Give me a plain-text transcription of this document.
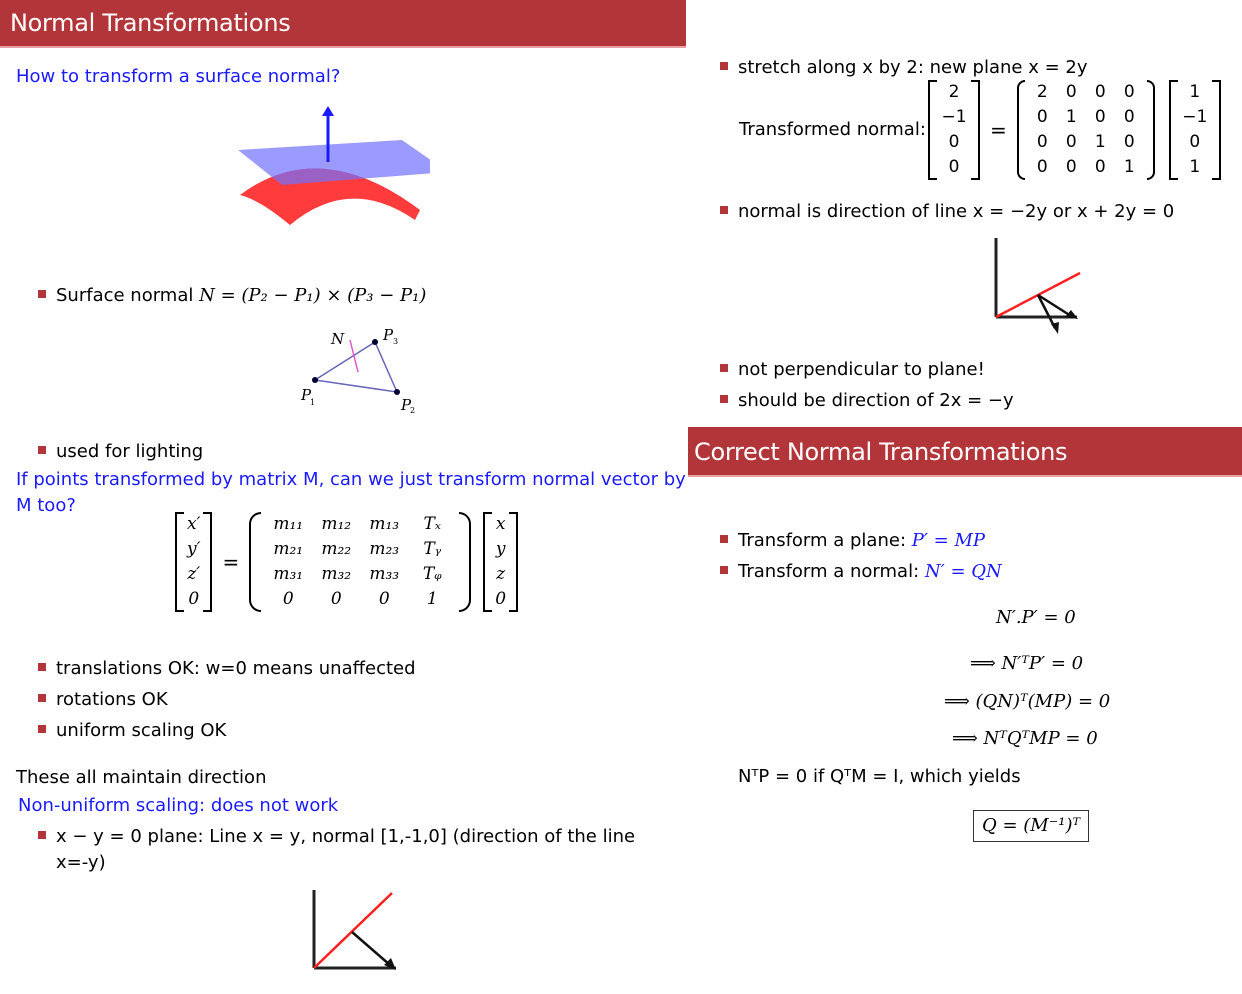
Normal Transformations
How to transform a surface normal?
Surface normal N = (P₂ − P₁) × (P₃ − P₁)
N	P 3
P
1	P
2
used for lighting
If points transformed by matrix M, can we just transform normal vector by
M too?
x′
y′
z′
0
=
m₁₁	m₁₂	m₁₃	Tₓ
m₂₁	m₂₂	m₂₃	Tᵧ
m₃₁	m₃₂	m₃₃	Tᵩ
0	0	0	1
x
y
z
0
translations OK: w=0 means unaffected
rotations OK
uniform scaling OK
These all maintain direction
Non-uniform scaling: does not work
x − y = 0 plane: Line x = y, normal [1,-1,0] (direction of the line
x=-y)
stretch along x by 2: new plane x = 2y
Transformed normal:
2
−1
0
0
=
2	0	0	0
0	1	0	0
0	0	1	0
0	0	0	1
1
−1
0
1
normal is direction of line x = −2y or x + 2y = 0
not perpendicular to plane!
should be direction of 2x = −y
Correct Normal Transformations
Transform a plane: P′ = MP
Transform a normal: N′ = QN
N′.P′ = 0
⟹ N′ᵀP′ = 0
⟹ (QN)ᵀ(MP) = 0
⟹ NᵀQᵀMP = 0
NᵀP = 0 if QᵀM = I, which yields
Q = (M⁻¹)ᵀ
